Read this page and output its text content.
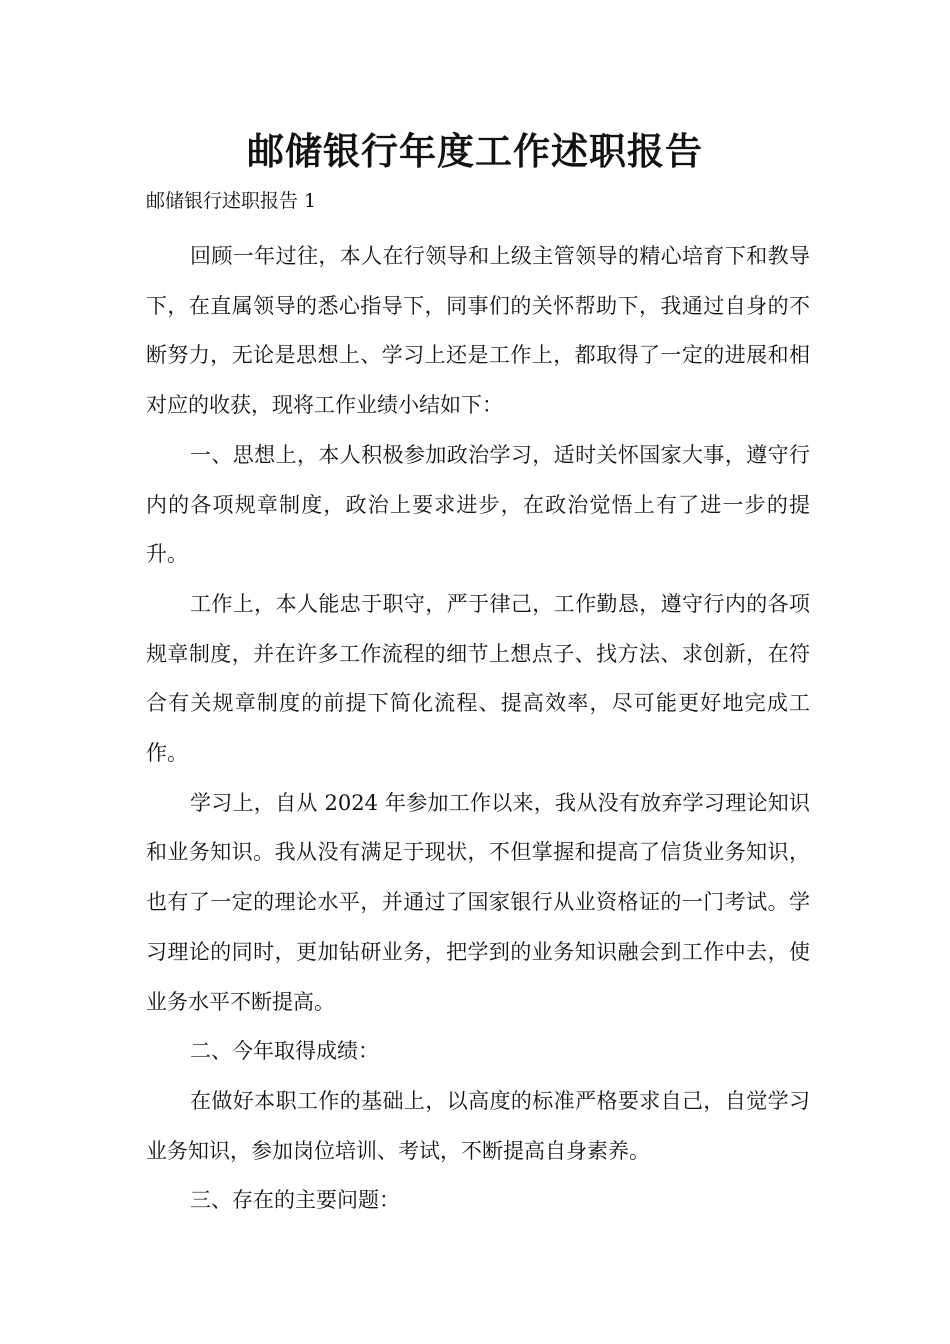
邮储银行年度工作述职报告

邮储银行述职报告 1

回顾一年过往，本人在行领导和上级主管领导的精心培育下和教导下，在直属领导的悉心指导下，同事们的关怀帮助下，我通过自身的不断努力，无论是思想上、学习上还是工作上，都取得了一定的进展和相对应的收获，现将工作业绩小结如下：

一、思想上，本人积极参加政治学习，适时关怀国家大事，遵守行内的各项规章制度，政治上要求进步，在政治觉悟上有了进一步的提升。

工作上，本人能忠于职守，严于律己，工作勤恳，遵守行内的各项规章制度，并在许多工作流程的细节上想点子、找方法、求创新，在符合有关规章制度的前提下简化流程、提高效率，尽可能更好地完成工作。

学习上，自从 2024 年参加工作以来，我从没有放弃学习理论知识和业务知识。我从没有满足于现状，不但掌握和提高了信货业务知识，也有了一定的理论水平，并通过了国家银行从业资格证的一门考试。学习理论的同时，更加钻研业务，把学到的业务知识融会到工作中去，使业务水平不断提高。

二、今年取得成绩：

在做好本职工作的基础上，以高度的标准严格要求自己，自觉学习业务知识，参加岗位培训、考试，不断提高自身素养。

三、存在的主要问题：
